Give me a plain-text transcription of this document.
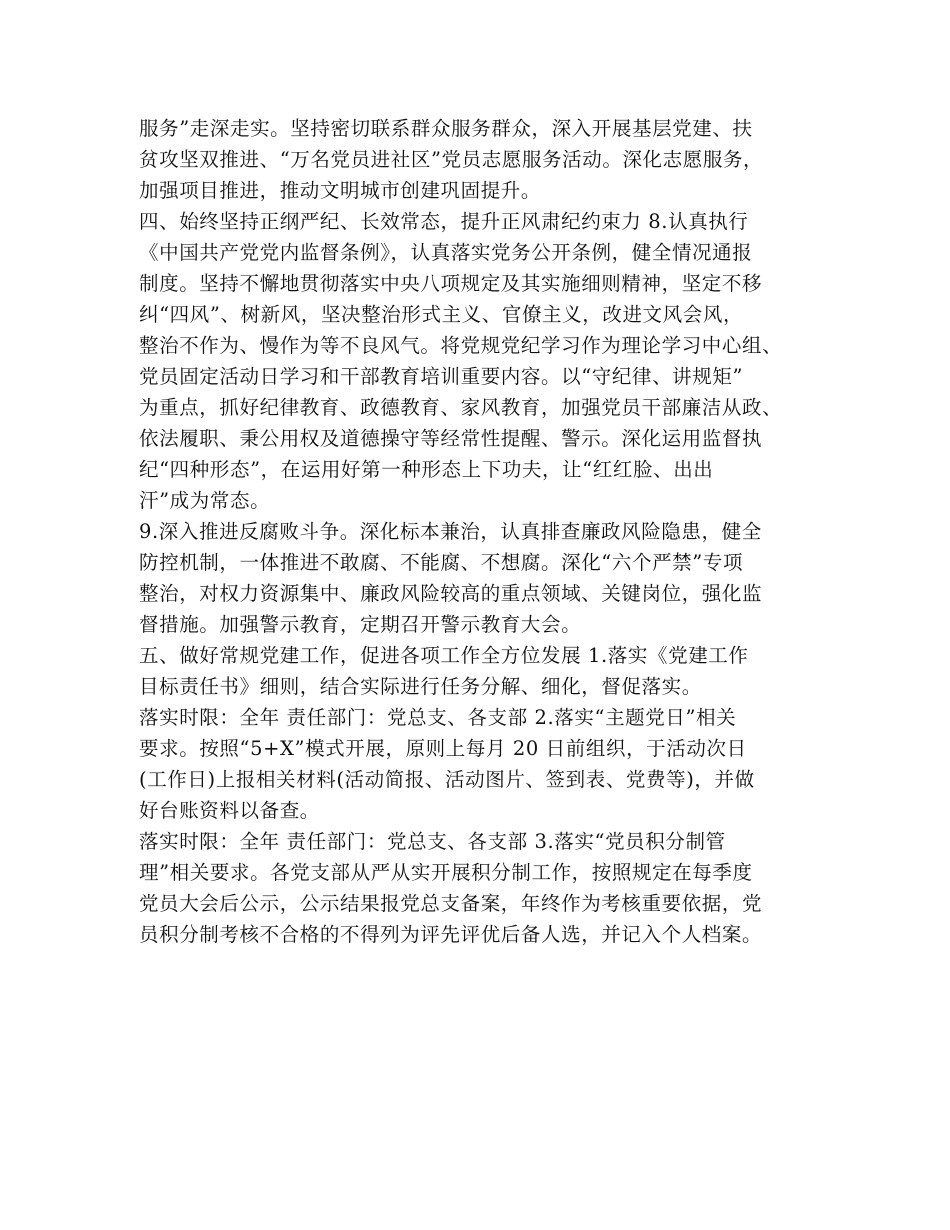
服务”走深走实。坚持密切联系群众服务群众，深入开展基层党建、扶
贫攻坚双推进、“万名党员进社区”党员志愿服务活动。深化志愿服务，
加强项目推进，推动文明城市创建巩固提升。
四、始终坚持正纲严纪、长效常态，提升正风肃纪约束力 8.认真执行
《中国共产党党内监督条例》，认真落实党务公开条例，健全情况通报
制度。坚持不懈地贯彻落实中央八项规定及其实施细则精神，坚定不移
纠“四风”、树新风，坚决整治形式主义、官僚主义，改进文风会风，
整治不作为、慢作为等不良风气。将党规党纪学习作为理论学习中心组、
党员固定活动日学习和干部教育培训重要内容。以“守纪律、讲规矩”
为重点，抓好纪律教育、政德教育、家风教育，加强党员干部廉洁从政、
依法履职、秉公用权及道德操守等经常性提醒、警示。深化运用监督执
纪“四种形态”，在运用好第一种形态上下功夫，让“红红脸、出出
汗”成为常态。
9.深入推进反腐败斗争。深化标本兼治，认真排查廉政风险隐患，健全
防控机制，一体推进不敢腐、不能腐、不想腐。深化“六个严禁”专项
整治，对权力资源集中、廉政风险较高的重点领域、关键岗位，强化监
督措施。加强警示教育，定期召开警示教育大会。
五、做好常规党建工作，促进各项工作全方位发展 1.落实《党建工作
目标责任书》细则，结合实际进行任务分解、细化，督促落实。
落实时限：全年 责任部门：党总支、各支部 2.落实“主题党日”相关
要求。按照“5+X”模式开展，原则上每月 20 日前组织，于活动次日
(工作日)上报相关材料(活动简报、活动图片、签到表、党费等)，并做
好台账资料以备查。
落实时限：全年 责任部门：党总支、各支部 3.落实“党员积分制管
理”相关要求。各党支部从严从实开展积分制工作，按照规定在每季度
党员大会后公示，公示结果报党总支备案，年终作为考核重要依据，党
员积分制考核不合格的不得列为评先评优后备人选，并记入个人档案。
